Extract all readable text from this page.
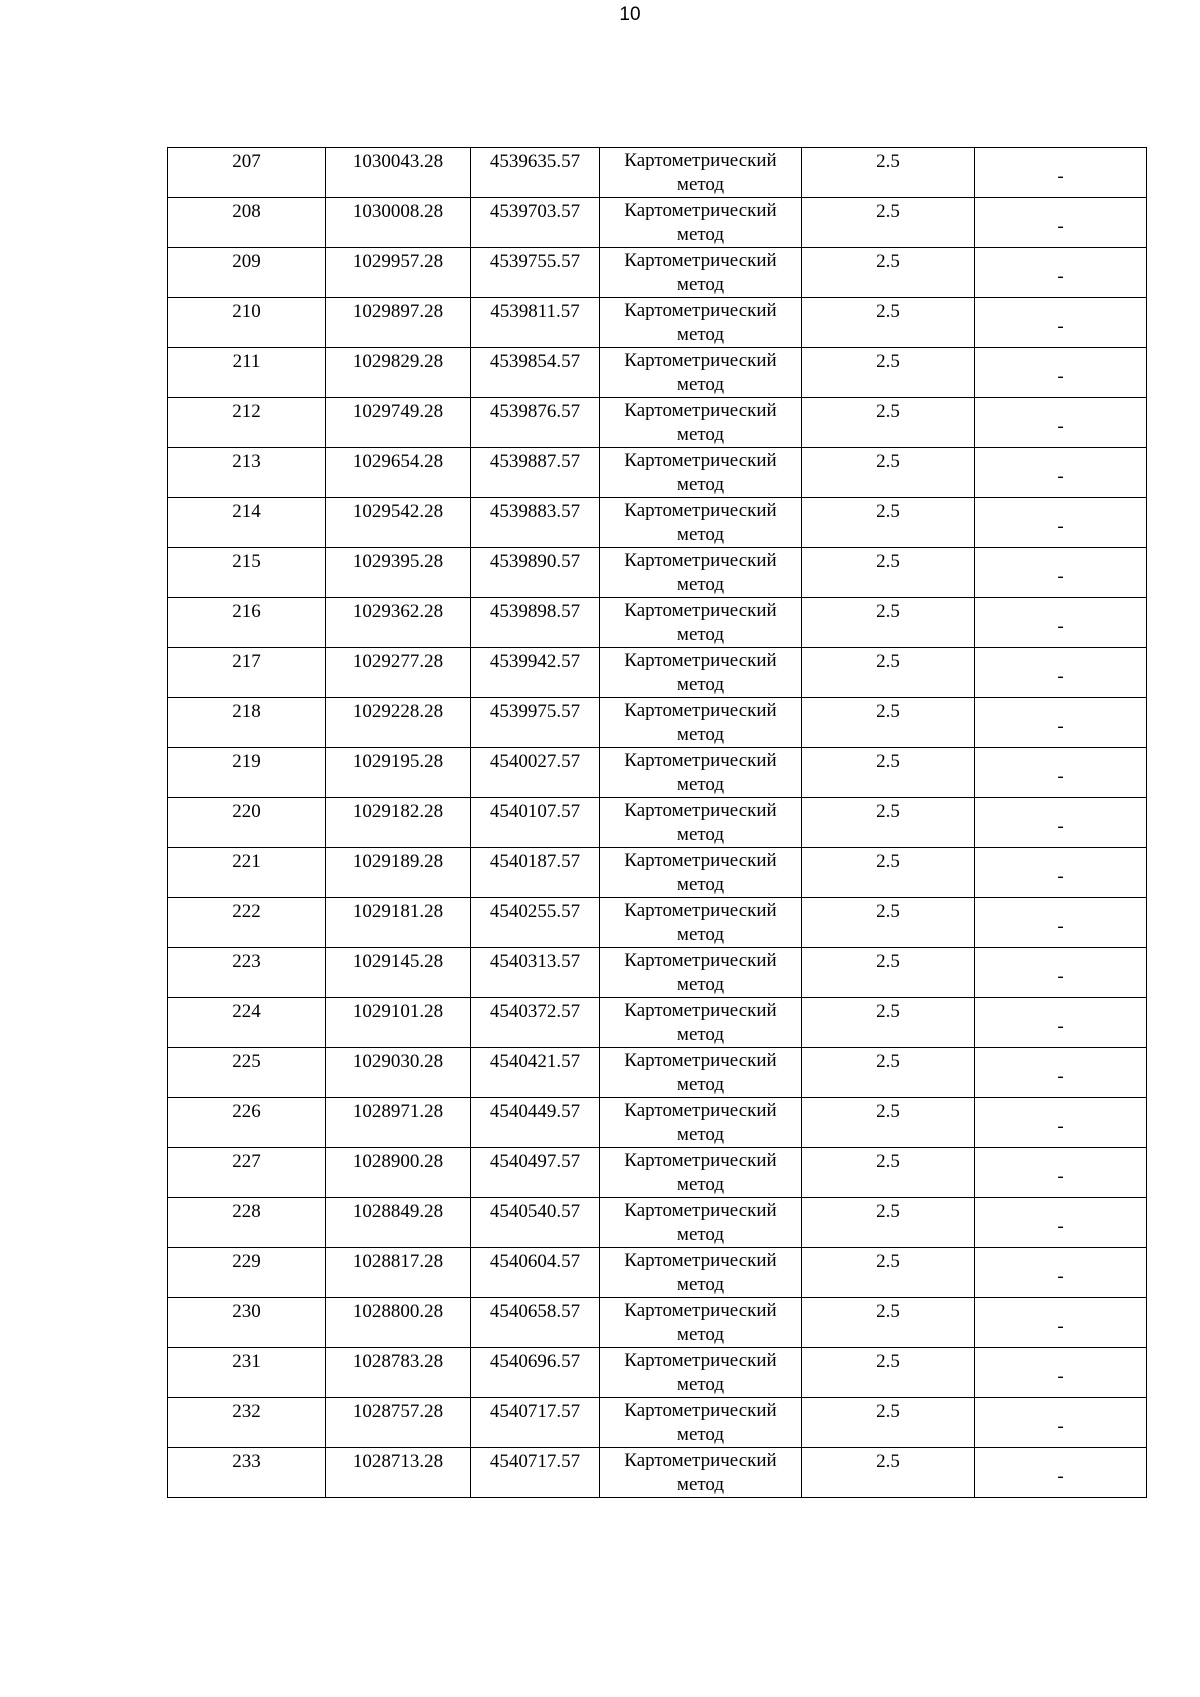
10
207	1030043.28	4539635.57	Картометрический метод	2.5	-

208	1030008.28	4539703.57	Картометрический метод	2.5	-

209	1029957.28	4539755.57	Картометрический метод	2.5	-

210	1029897.28	4539811.57	Картометрический метод	2.5	-

211	1029829.28	4539854.57	Картометрический метод	2.5	-

212	1029749.28	4539876.57	Картометрический метод	2.5	-

213	1029654.28	4539887.57	Картометрический метод	2.5	-

214	1029542.28	4539883.57	Картометрический метод	2.5	-

215	1029395.28	4539890.57	Картометрический метод	2.5	-

216	1029362.28	4539898.57	Картометрический метод	2.5	-

217	1029277.28	4539942.57	Картометрический метод	2.5	-

218	1029228.28	4539975.57	Картометрический метод	2.5	-

219	1029195.28	4540027.57	Картометрический метод	2.5	-

220	1029182.28	4540107.57	Картометрический метод	2.5	-

221	1029189.28	4540187.57	Картометрический метод	2.5	-

222	1029181.28	4540255.57	Картометрический метод	2.5	-

223	1029145.28	4540313.57	Картометрический метод	2.5	-

224	1029101.28	4540372.57	Картометрический метод	2.5	-

225	1029030.28	4540421.57	Картометрический метод	2.5	-

226	1028971.28	4540449.57	Картометрический метод	2.5	-

227	1028900.28	4540497.57	Картометрический метод	2.5	-

228	1028849.28	4540540.57	Картометрический метод	2.5	-

229	1028817.28	4540604.57	Картометрический метод	2.5	-

230	1028800.28	4540658.57	Картометрический метод	2.5	-

231	1028783.28	4540696.57	Картометрический метод	2.5	-

232	1028757.28	4540717.57	Картометрический метод	2.5	-

233	1028713.28	4540717.57	Картометрический метод	2.5	-
